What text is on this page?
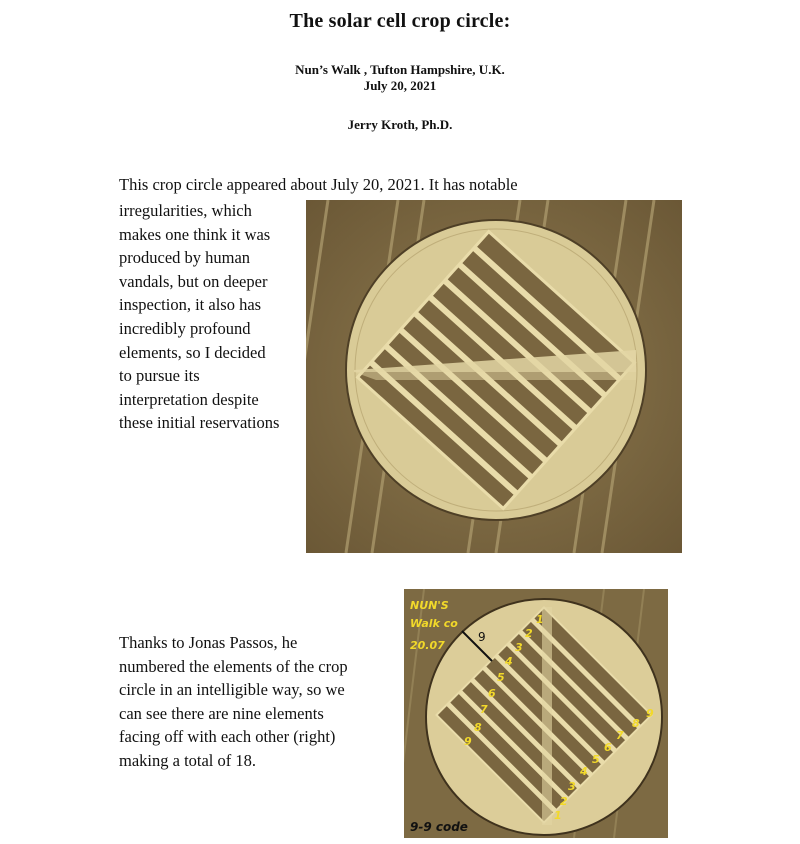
The solar cell crop circle:
Nun’s Walk , Tufton Hampshire, U.K.
July 20, 2021
Jerry Kroth, Ph.D.
This crop circle appeared about July 20, 2021. It has notable
irregularities, which
makes one think it was
produced by human
vandals, but on deeper
inspection, it also has
incredibly profound
elements, so I decided
to pursue its
interpretation despite
these initial reservations
Thanks to Jonas Passos, he
numbered the elements of the crop
circle in an intelligible way, so we
can see there are nine elements
facing off with each other (right)
making a total of 18.
9
NUN'S
Walk co
20.07
1
2
3
4
5
6
7
8
9
1
2
3
4
5
6
7
8
9
9-9 code
